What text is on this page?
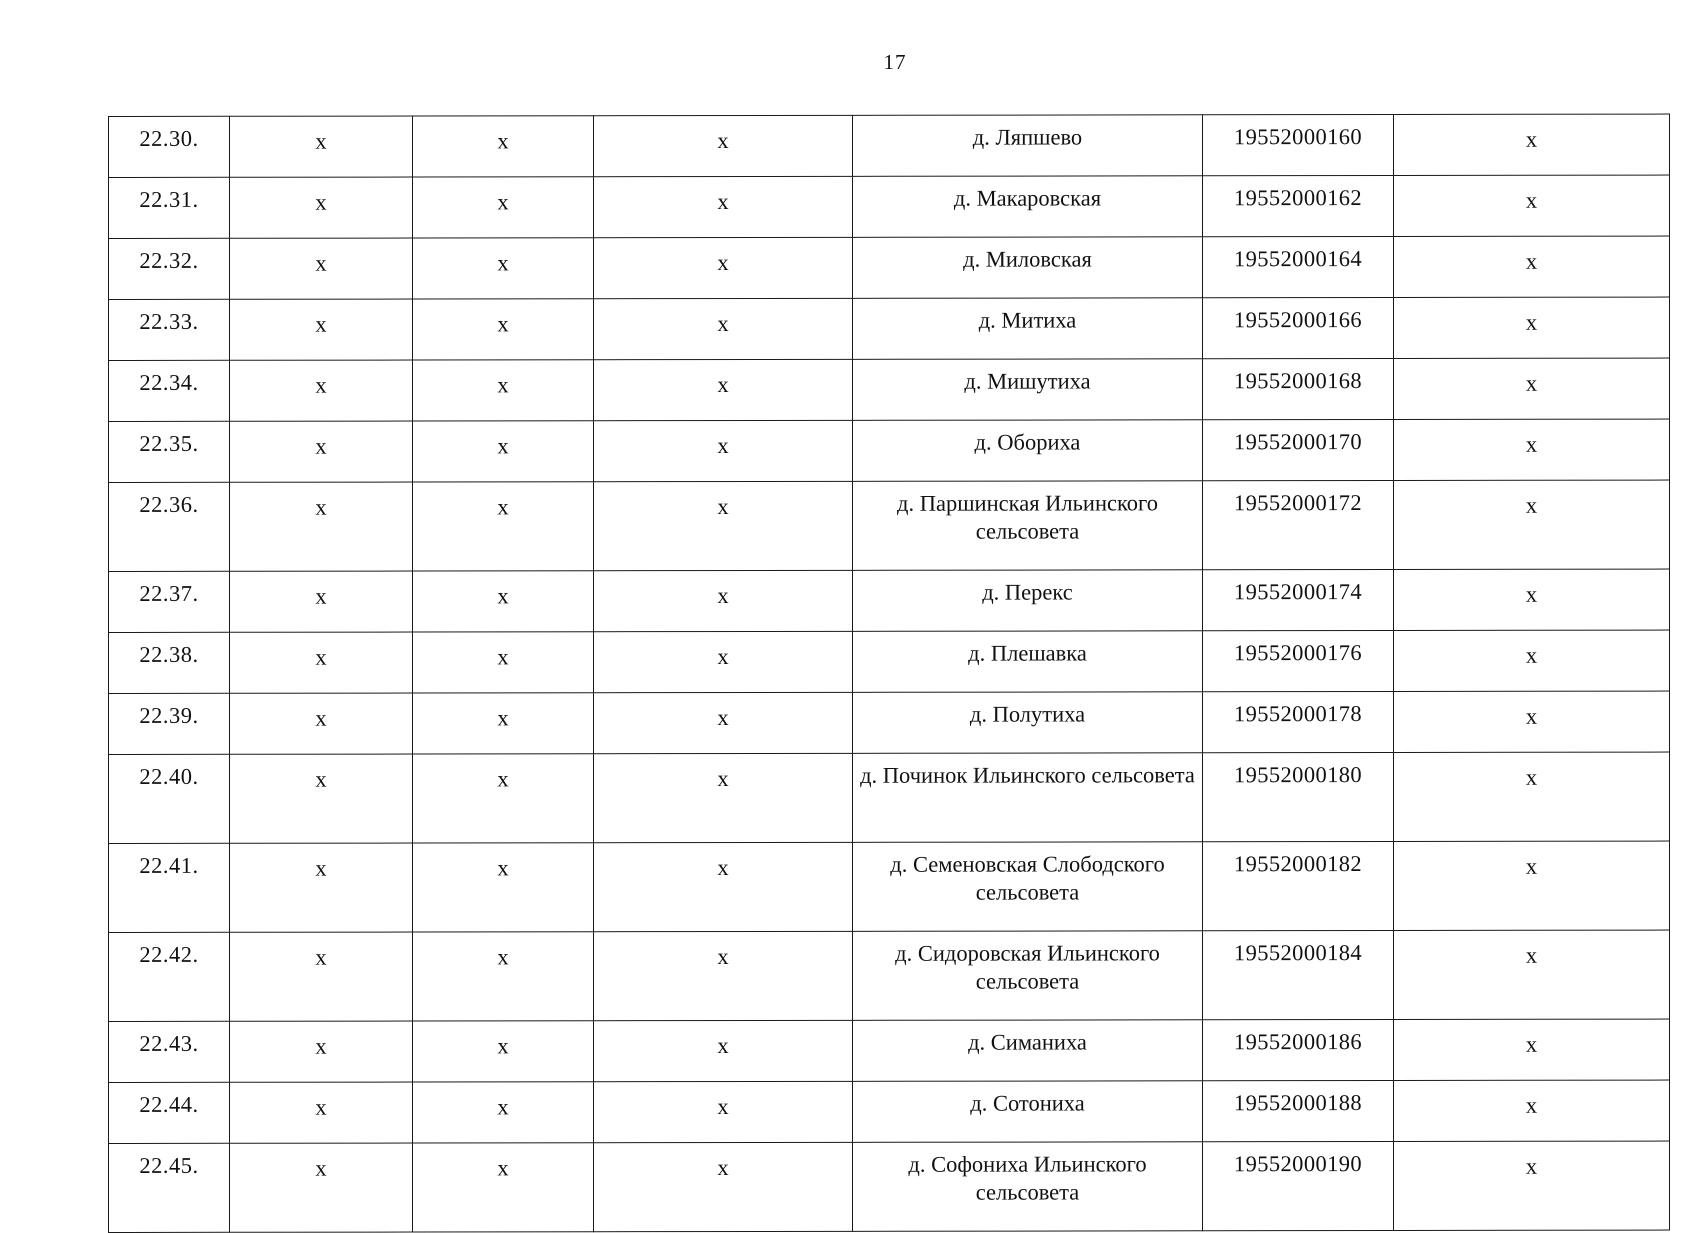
17
22.30.	x	x	x	д. Ляпшево	19552000160	x
22.31.	x	x	x	д. Макаровская	19552000162	x
22.32.	x	x	x	д. Миловская	19552000164	x
22.33.	x	x	x	д. Митиха	19552000166	x
22.34.	x	x	x	д. Мишутиха	19552000168	x
22.35.	x	x	x	д. Обориха	19552000170	x
22.36.	x	x	x	д. Паршинская Ильинского сельсовета	19552000172	x
22.37.	x	x	x	д. Перекс	19552000174	x
22.38.	x	x	x	д. Плешавка	19552000176	x
22.39.	x	x	x	д. Полутиха	19552000178	x
22.40.	x	x	x	д. Починок Ильинского сельсовета	19552000180	x
22.41.	x	x	x	д. Семеновская Слободского сельсовета	19552000182	x
22.42.	x	x	x	д. Сидоровская Ильинского сельсовета	19552000184	x
22.43.	x	x	x	д. Симаниха	19552000186	x
22.44.	x	x	x	д. Сотониха	19552000188	x
22.45.	x	x	x	д. Софониха Ильинского сельсовета	19552000190	x
